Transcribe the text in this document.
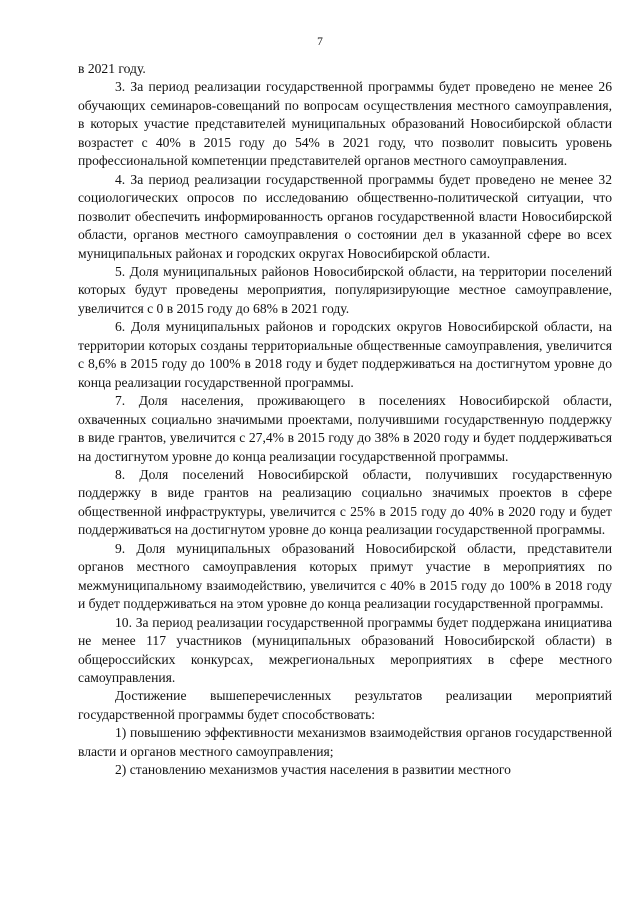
7

в 2021 году.

3. За период реализации государственной программы будет проведено не менее 26 обучающих семинаров-совещаний по вопросам осуществления местного самоуправления, в которых участие представителей муниципальных образований Новосибирской области возрастет с 40% в 2015 году до 54% в 2021 году, что позволит повысить уровень профессиональной компетенции представителей органов местного самоуправления.

4. За период реализации государственной программы будет проведено не менее 32 социологических опросов по исследованию общественно-политической ситуации, что позволит обеспечить информированность органов государственной власти Новосибирской области, органов местного самоуправления о состоянии дел в указанной сфере во всех муниципальных районах и городских округах Новосибирской области.

5. Доля муниципальных районов Новосибирской области, на территории поселений которых будут проведены мероприятия, популяризирующие местное самоуправление, увеличится с 0 в 2015 году до 68% в 2021 году.

6. Доля муниципальных районов и городских округов Новосибирской области, на территории которых созданы территориальные общественные самоуправления, увеличится с 8,6% в 2015 году до 100% в 2018 году и будет поддерживаться на достигнутом уровне до конца реализации государственной программы.

7. Доля населения, проживающего в поселениях Новосибирской области, охваченных социально значимыми проектами, получившими государственную поддержку в виде грантов, увеличится с 27,4% в 2015 году до 38% в 2020 году и будет поддерживаться на достигнутом уровне до конца реализации государственной программы.

8. Доля поселений Новосибирской области, получивших государственную поддержку в виде грантов на реализацию социально значимых проектов в сфере общественной инфраструктуры, увеличится с 25% в 2015 году до 40% в 2020 году и будет поддерживаться на достигнутом уровне до конца реализации государственной программы.

9. Доля муниципальных образований Новосибирской области, представители органов местного самоуправления которых примут участие в мероприятиях по межмуниципальному взаимодействию, увеличится с 40% в 2015 году до 100% в 2018 году и будет поддерживаться на этом уровне до конца реализации государственной программы.

10. За период реализации государственной программы будет поддержана инициатива не менее 117 участников (муниципальных образований Новосибирской области) в общероссийских конкурсах, межрегиональных мероприятиях в сфере местного самоуправления.

Достижение вышеперечисленных результатов реализации мероприятий государственной программы будет способствовать:

1) повышению эффективности механизмов взаимодействия органов государственной власти и органов местного самоуправления;

2) становлению механизмов участия населения в развитии местного
